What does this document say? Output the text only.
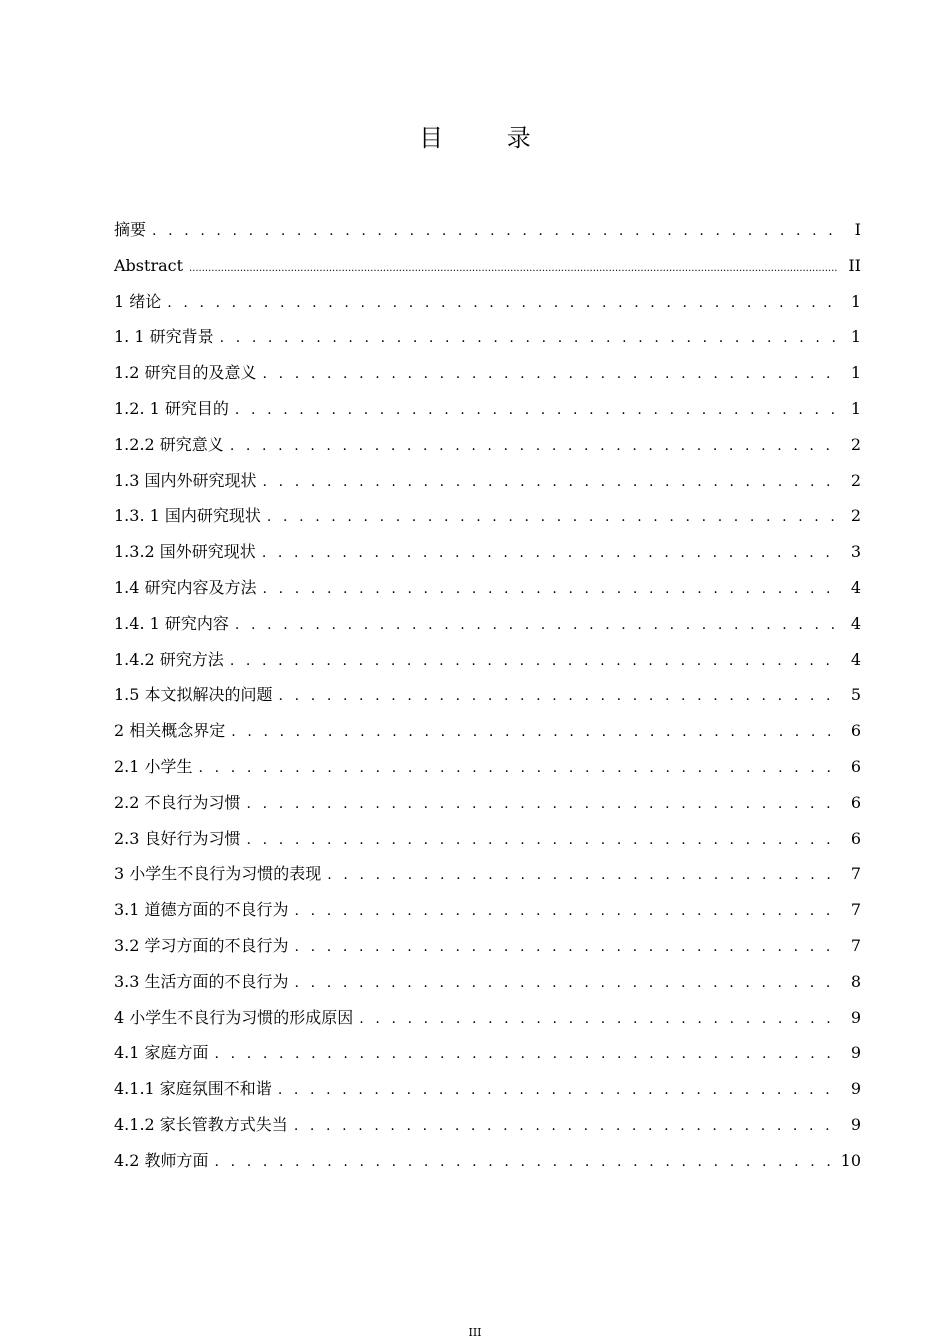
目 录
摘要 . . .	I
Abstract .....	II
1 绪论 . . .	1
1. 1 研究背景 . . .	1
1.2 研究目的及意义 . . .	1
1.2. 1 研究目的 . . .	1
1.2.2 研究意义 . . .	2
1.3 国内外研究现状 . . .	2
1.3. 1 国内研究现状 . . .	2
1.3.2 国外研究现状 . . .	3
1.4 研究内容及方法 . . .	4
1.4. 1 研究内容 . . .	4
1.4.2 研究方法 . . .	4
1.5 本文拟解决的问题 . . .	5
2 相关概念界定 . . .	6
2.1 小学生 . . .	6
2.2 不良行为习惯 . . .	6
2.3 良好行为习惯 . . .	6
3 小学生不良行为习惯的表现 . . .	7
3.1 道德方面的不良行为 . . .	7
3.2 学习方面的不良行为 . . .	7
3.3 生活方面的不良行为 . . .	8
4 小学生不良行为习惯的形成原因 . . .	9
4.1 家庭方面 . . .	9
4.1.1 家庭氛围不和谐 . . .	9
4.1.2 家长管教方式失当 . . .	9
4.2 教师方面 . . .	10
III
